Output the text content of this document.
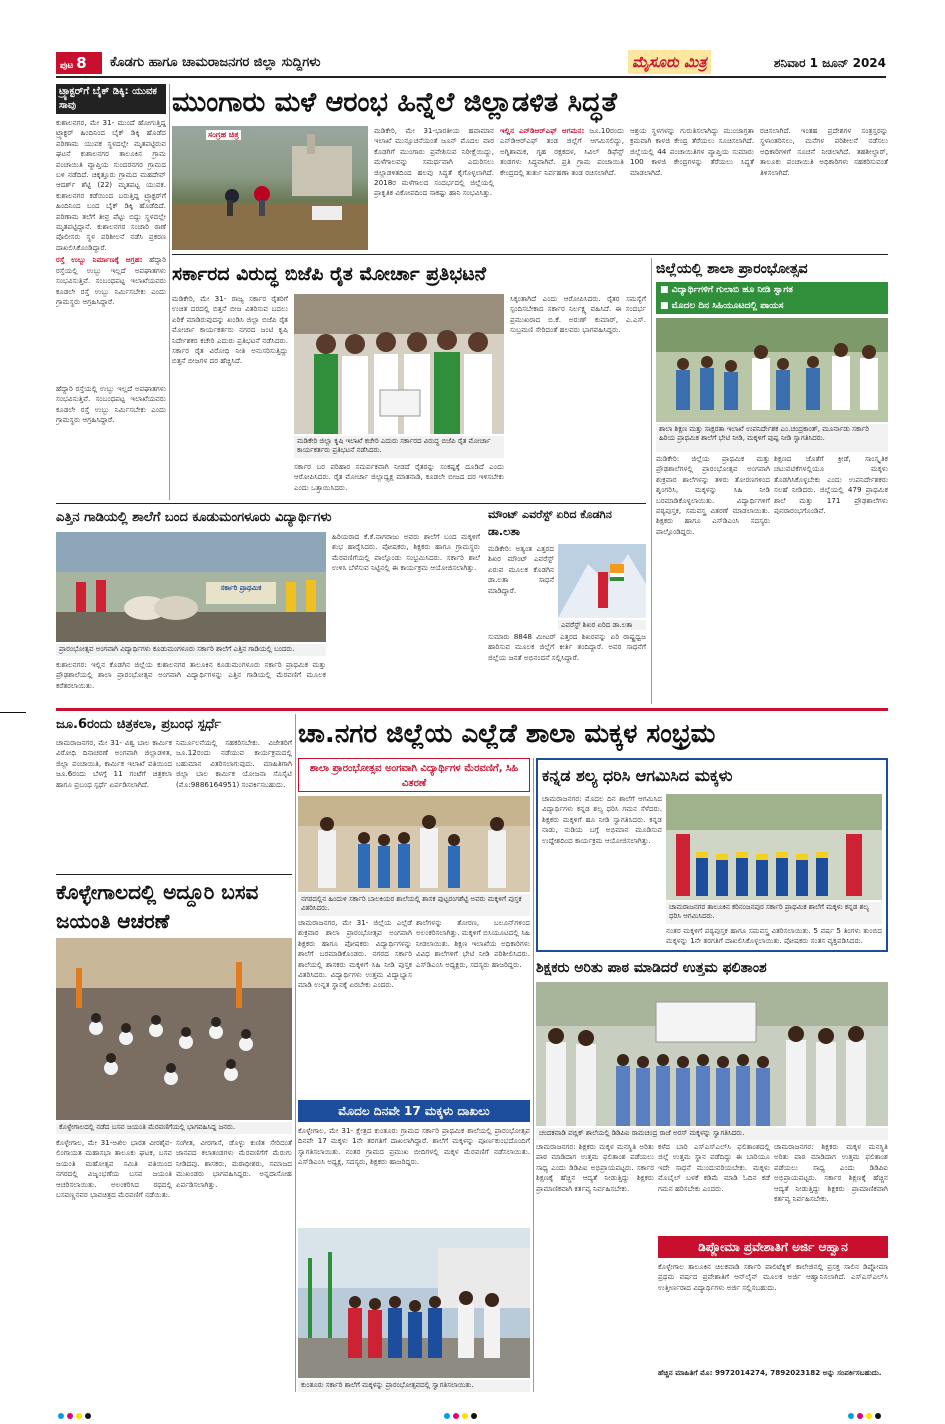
ಪುಟ 8	ಕೊಡಗು ಹಾಗೂ ಚಾಮರಾಜನಗರ ಜಿಲ್ಲಾ ಸುದ್ದಿಗಳು	ಮೈಸೂರು ಮಿತ್ರ	ಶನಿವಾರ 1 ಜೂನ್ 2024
ಟ್ರ್ಯಾಕ್ಟರ್‌ಗೆ ಬೈಕ್ ಡಿಕ್ಕಿ: ಯುವಕ ಸಾವು

ಕುಶಾಲನಗರ, ಮೇ 31- ಮುಂದೆ ಹೋಗುತ್ತಿದ್ದ ಟ್ರ್ಯಾಕ್ಟರ್ ಹಿಂದಿನಿಂದ ಬೈಕ್ ಡಿಕ್ಕಿ ಹೊಡೆದ ಪರಿಣಾಮ ಯುವಕ ಸ್ಥಳದಲ್ಲೇ ಮೃತಪಟ್ಟಿರುವ ಘಟನೆ ಕುಶಾಲನಗರ ತಾಲೂಕಿನ ಗ್ರಾಮ ಪಂಚಾಯಿತಿ ವ್ಯಾಪ್ತಿಯ ಸುಂದರನಗರ ಗ್ರಾಮದ ಬಳಿ ನಡೆದಿದೆ. ಚಿಕ್ಕತ್ತೂರು ಗ್ರಾಮದ ಮಹದೇವ್ ಆದರ್ಶ್ ಶೆಟ್ಟಿ (22) ಮೃತಪಟ್ಟ ಯುವಕ. ಕುಶಾಲನಗರ ಕಡೆಯಿಂದ ಬರುತ್ತಿದ್ದ ಟ್ರ್ಯಾಕ್ಟರ್‌ಗೆ ಹಿಂದಿನಿಂದ ಬಂದ ಬೈಕ್ ಡಿಕ್ಕಿ ಹೊಡೆದಿದೆ. ಪರಿಣಾಮ ತಲೆಗೆ ತೀವ್ರ ಪೆಟ್ಟು ಬಿದ್ದು ಸ್ಥಳದಲ್ಲೇ ಮೃತಪಟ್ಟಿದ್ದಾನೆ. ಕುಶಾಲನಗರ ಸಂಚಾರಿ ಠಾಣೆ ಪೊಲೀಸರು ಸ್ಥಳ ಪರಿಶೀಲನೆ ನಡೆಸಿ ಪ್ರಕರಣ ದಾಖಲಿಸಿಕೊಂಡಿದ್ದಾರೆ.

ರಸ್ತೆ ಉಬ್ಬು ನಿರ್ಮಾಣಕ್ಕೆ ಆಗ್ರಹ: ಹೆದ್ದಾರಿ ರಸ್ತೆಯಲ್ಲಿ ಉಬ್ಬು ಇಲ್ಲದೆ ಅಪಘಾತಗಳು ಸಂಭವಿಸುತ್ತಿವೆ. ಸಂಬಂಧಪಟ್ಟ ಇಲಾಖೆಯವರು ಕೂಡಲೇ ರಸ್ತೆ ಉಬ್ಬು ನಿರ್ಮಿಸಬೇಕು ಎಂದು ಗ್ರಾಮಸ್ಥರು ಆಗ್ರಹಿಸಿದ್ದಾರೆ.

ಮುಂಗಾರು ಮಳೆ ಆರಂಭ ಹಿನ್ನೆಲೆ ಜಿಲ್ಲಾಡಳಿತ ಸಿದ್ಧತೆ
ಸಂಗ್ರಹ ಚಿತ್ರ	ಮಡಿಕೇರಿ, ಮೇ 31-ಭಾರತೀಯ ಹವಾಮಾನ ಇಲಾಖೆ ಮುನ್ಸೂಚನೆಯಂತೆ ಜೂನ್ ಮೊದಲ ವಾರ ಕೊಡಗಿಗೆ ಮುಂಗಾರು ಪ್ರವೇಶಿಸುವ ನಿರೀಕ್ಷೆಯಿದ್ದು, ಮಳೆಗಾಲವನ್ನು ಸಮರ್ಥವಾಗಿ ಎದುರಿಸಲು ಜಿಲ್ಲಾಡಳಿತದಿಂದ ಹಲವು ಸಿದ್ಧತೆ ಕೈಗೊಳ್ಳಲಾಗಿದೆ. 2018ರ ಮಳೆಗಾಲದ ಸಂದರ್ಭದಲ್ಲಿ ಜಿಲ್ಲೆಯಲ್ಲಿ ಪ್ರಾಕೃತಿಕ ವಿಕೋಪದಿಂದ ಸಾಕಷ್ಟು ಹಾನಿ ಸಂಭವಿಸಿತ್ತು.
ಇಲ್ಲಿನ ಎನ್‌ಡಿಆರ್‌ಎಫ್ ಆಗಮನ: ಜೂ.10ರಂದು ಎನ್‌ಡಿಆರ್‌ಎಫ್ ತಂಡ ಜಿಲ್ಲೆಗೆ ಆಗಮಿಸಲಿದ್ದು, ಅಗ್ನಿಶಾಮಕ, ಗೃಹ ರಕ್ಷಕದಳ, ಸಿವಿಲ್ ಡಿಫೆನ್ಸ್ ತಂಡಗಳು ಸಿದ್ಧವಾಗಿವೆ. ಪ್ರತಿ ಗ್ರಾಮ ಪಂಚಾಯಿತಿ ಕೇಂದ್ರದಲ್ಲಿ ತುರ್ತು ನಿರ್ವಹಣಾ ತಂಡ ರಚಿಸಲಾಗಿದೆ.
ಆಶ್ರಯ ಸ್ಥಳಗಳನ್ನು ಗುರುತಿಸಲಾಗಿದ್ದು ಮುಂಜಾಗ್ರತಾ ಕ್ರಮವಾಗಿ ಕಾಳಜಿ ಕೇಂದ್ರ ತೆರೆಯಲು ಸೂಚಿಸಲಾಗಿದೆ. ಜಿಲ್ಲೆಯಲ್ಲಿ 44 ಪಂಚಾಯಿತಿಗಳ ವ್ಯಾಪ್ತಿಯ ಸುಮಾರು 100 ಕಾಳಜಿ ಕೇಂದ್ರಗಳನ್ನು ತೆರೆಯಲು ಸಿದ್ಧತೆ ಮಾಡಲಾಗಿದೆ.
ರಚಿಸಲಾಗಿದೆ. ಇಂತಹ ಪ್ರದೇಶಗಳ ಸಂತ್ರಸ್ತರನ್ನು ಸ್ಥಳಾಂತರಿಸಲು, ಮನೆಗಳ ಪರಿಶೀಲನೆ ನಡೆಸಲು ಅಧಿಕಾರಿಗಳಿಗೆ ಸೂಚನೆ ನೀಡಲಾಗಿದೆ. ತಹಶೀಲ್ದಾರ್, ತಾಲೂಕು ಪಂಚಾಯಿತಿ ಅಧಿಕಾರಿಗಳು ಸಹಕರಿಸುವಂತೆ ತಿಳಿಸಲಾಗಿದೆ.
ಸರ್ಕಾರದ ವಿರುದ್ಧ ಬಿಜೆಪಿ ರೈತ ಮೋರ್ಚಾ ಪ್ರತಿಭಟನೆ
ಮಡಿಕೇರಿ, ಮೇ 31- ರಾಜ್ಯ ಸರ್ಕಾರ ರೈತರಿಗೆ ಉಚಿತ ದರದಲ್ಲಿ ಬಿತ್ತನೆ ಬೀಜ ವಿತರಿಸುವ ಬದಲು ಏರಿಕೆ ಮಾಡಿರುವುದನ್ನು ಖಂಡಿಸಿ ಜಿಲ್ಲಾ ಬಿಜೆಪಿ ರೈತ ಮೋರ್ಚಾ ಕಾರ್ಯಕರ್ತರು ನಗರದ ಜಂಟಿ ಕೃಷಿ ನಿರ್ದೇಶಕರ ಕಚೇರಿ ಎದುರು ಪ್ರತಿಭಟನೆ ನಡೆಸಿದರು. ಸರ್ಕಾರ ರೈತ ವಿರೋಧಿ ನೀತಿ ಅನುಸರಿಸುತ್ತಿದ್ದು ಬಿತ್ತನೆ ಬೀಜಗಳ ದರ ಹೆಚ್ಚಿಸಿದೆ.
ಮಡಿಕೇರಿ ಜಿಲ್ಲಾ ಕೃಷಿ ಇಲಾಖೆ ಕಚೇರಿ ಎದುರು ಸರ್ಕಾರದ ವಿರುದ್ಧ ಬಿಜೆಪಿ ರೈತ ಮೋರ್ಚಾ ಕಾರ್ಯಕರ್ತರು ಪ್ರತಿಭಟನೆ ನಡೆಸಿದರು.
ಸರ್ಕಾರ ಬರ ಪರಿಹಾರ ಸಮರ್ಪಕವಾಗಿ ನೀಡದೆ ರೈತರನ್ನು ಸಂಕಷ್ಟಕ್ಕೆ ದೂಡಿದೆ ಎಂದು ಆರೋಪಿಸಿದರು. ರೈತ ಮೋರ್ಚಾ ಜಿಲ್ಲಾಧ್ಯಕ್ಷ ಮಾತನಾಡಿ, ಕೂಡಲೇ ಬೀಜದ ದರ ಇಳಿಸಬೇಕು ಎಂದು ಒತ್ತಾಯಿಸಿದರು.
ಸಿಕ್ಕಂತಾಗಿದೆ ಎಂದು ಆರೋಪಿಸಿದರು. ರೈತರ ಸಮಸ್ಯೆಗೆ ಸ್ಪಂದಿಸಬೇಕಾದ ಸರ್ಕಾರ ನಿರ್ಲಕ್ಷ್ಯ ವಹಿಸಿದೆ. ಈ ಸಂದರ್ಭ ಪ್ರಮುಖರಾದ ಬಿ.ಕೆ. ಅರುಣ್ ಕುಮಾರ್, ಎ.ಎಸ್. ಸುಬ್ರಮಣಿ ಸೇರಿದಂತೆ ಹಲವರು ಭಾಗವಹಿಸಿದ್ದರು.
ಜಿಲ್ಲೆಯಲ್ಲಿ ಶಾಲಾ ಪ್ರಾರಂಭೋತ್ಸವ
■ ವಿದ್ಯಾರ್ಥಿಗಳಿಗೆ ಗುಲಾಬಿ ಹೂ ನೀಡಿ ಸ್ವಾಗತ
■ ಮೊದಲ ದಿನ ಸಿಹಿಯೂಟದಲ್ಲಿ ಪಾಯಸ
ಶಾಲಾ ಶಿಕ್ಷಣ ಮತ್ತು ಸಾಕ್ಷರತಾ ಇಲಾಖೆ ಉಪನಿರ್ದೇಶಕ ಎಂ.ಚಂದ್ರಕಾಂತ್, ಮೂರ್ನಾಡು ಸರ್ಕಾರಿ ಹಿರಿಯ ಪ್ರಾಥಮಿಕ ಶಾಲೆಗೆ ಭೇಟಿ ನೀಡಿ, ಮಕ್ಕಳಿಗೆ ಪುಷ್ಪ ನೀಡಿ ಸ್ವಾಗತಿಸಿದರು.
ಮಡಿಕೇರಿ: ಜಿಲ್ಲೆಯ ಪ್ರಾಥಮಿಕ ಮತ್ತು ಪ್ರೌಢಶಾಲೆಗಳಲ್ಲಿ ಪ್ರಾರಂಭೋತ್ಸವ ಅಂಗವಾಗಿ ಶುಕ್ರವಾರ ಶಾಲೆಗಳನ್ನು ತಳಿರು ತೋರಣಗಳಿಂದ ಶೃಂಗರಿಸಿ, ಮಕ್ಕಳನ್ನು ಸಿಹಿ ನೀಡಿ ಬರಮಾಡಿಕೊಳ್ಳಲಾಯಿತು. ವಿದ್ಯಾರ್ಥಿಗಳಿಗೆ ಪಠ್ಯಪುಸ್ತಕ, ಸಮವಸ್ತ್ರ ವಿತರಣೆ ಮಾಡಲಾಯಿತು. ಶಿಕ್ಷಕರು ಹಾಗೂ ಎಸ್‌ಡಿಎಂಸಿ ಸದಸ್ಯರು ಪಾಲ್ಗೊಂಡಿದ್ದರು.
ಶಿಕ್ಷಣದ ಜೊತೆಗೆ ಕ್ರೀಡೆ, ಸಾಂಸ್ಕೃತಿಕ ಚಟುವಟಿಕೆಗಳಲ್ಲಿಯೂ ಮಕ್ಕಳು ತೊಡಗಿಸಿಕೊಳ್ಳಬೇಕು ಎಂದು ಉಪನಿರ್ದೇಶಕರು ಸಲಹೆ ನೀಡಿದರು. ಜಿಲ್ಲೆಯಲ್ಲಿ 479 ಪ್ರಾಥಮಿಕ ಶಾಲೆ ಮತ್ತು 171 ಪ್ರೌಢಶಾಲೆಗಳು ಪುನರಾರಂಭಗೊಂಡಿವೆ.
ಹೆದ್ದಾರಿ ರಸ್ತೆಯಲ್ಲಿ ಉಬ್ಬು ಇಲ್ಲದೆ ಅಪಘಾತಗಳು ಸಂಭವಿಸುತ್ತಿವೆ. ಸಂಬಂಧಪಟ್ಟ ಇಲಾಖೆಯವರು ಕೂಡಲೇ ರಸ್ತೆ ಉಬ್ಬು ನಿರ್ಮಿಸಬೇಕು ಎಂದು ಗ್ರಾಮಸ್ಥರು ಆಗ್ರಹಿಸಿದ್ದಾರೆ.
ಎತ್ತಿನ ಗಾಡಿಯಲ್ಲಿ ಶಾಲೆಗೆ ಬಂದ ಕೂಡುಮಂಗಳೂರು ವಿದ್ಯಾರ್ಥಿಗಳು
ಸರ್ಕಾರಿ ಪ್ರಾಥಮಿಕ
ಪ್ರಾರಂಭೋತ್ಸವ ಅಂಗವಾಗಿ ವಿದ್ಯಾರ್ಥಿಗಳು ಕೂಡುಮಂಗಳೂರು ಸರ್ಕಾರಿ ಶಾಲೆಗೆ ಎತ್ತಿನ ಗಾಡಿಯಲ್ಲಿ ಬಂದರು.
ಕುಶಾಲನಗರ: ಇಲ್ಲಿನ ಕೊಡಗಿನ ಜಿಲ್ಲೆಯ ಕುಶಾಲನಗರ ತಾಲೂಕಿನ ಕೂಡುಮಂಗಳೂರು ಸರ್ಕಾರಿ ಪ್ರಾಥಮಿಕ ಮತ್ತು ಪ್ರೌಢಶಾಲೆಯಲ್ಲಿ ಶಾಲಾ ಪ್ರಾರಂಭೋತ್ಸವ ಅಂಗವಾಗಿ ವಿದ್ಯಾರ್ಥಿಗಳನ್ನು ಎತ್ತಿನ ಗಾಡಿಯಲ್ಲಿ ಮೆರವಣಿಗೆ ಮೂಲಕ ಕರೆತರಲಾಯಿತು.
ಹಿರಿಯರಾದ ಕೆ.ಕೆ.ನಾಗರಾಜು ಅವರು ಶಾಲೆಗೆ ಬಂದ ಮಕ್ಕಳಿಗೆ ಶುಭ ಹಾರೈಸಿದರು. ಪೋಷಕರು, ಶಿಕ್ಷಕರು ಹಾಗೂ ಗ್ರಾಮಸ್ಥರು ಮೆರವಣಿಗೆಯಲ್ಲಿ ಪಾಲ್ಗೊಂಡು ಸಂಭ್ರಮಿಸಿದರು. ಸರ್ಕಾರಿ ಶಾಲೆ ಉಳಿಸಿ ಬೆಳೆಸುವ ನಿಟ್ಟಿನಲ್ಲಿ ಈ ಕಾರ್ಯಕ್ರಮ ಆಯೋಜಿಸಲಾಗಿತ್ತು.
ಮೌಂಟ್ ಎವರೆಸ್ಟ್ ಏರಿದ ಕೊಡಗಿನ ಡಾ.ಲತಾ
ಮಡಿಕೇರಿ: ಅತ್ಯಂತ ಎತ್ತರದ ಶಿಖರ ಮೌಂಟ್ ಎವರೆಸ್ಟ್ ಏರುವ ಮೂಲಕ ಕೊಡಗಿನ ಡಾ.ಲತಾ ಸಾಧನೆ ಮಾಡಿದ್ದಾರೆ.
ಎವರೆಸ್ಟ್ ಶಿಖರ ಏರಿದ ಡಾ.ಲತಾ
ಸುಮಾರು 8848 ಮೀಟರ್ ಎತ್ತರದ ಶಿಖರವನ್ನು ಏರಿ ರಾಷ್ಟ್ರಧ್ವಜ ಹಾರಿಸುವ ಮೂಲಕ ಜಿಲ್ಲೆಗೆ ಕೀರ್ತಿ ತಂದಿದ್ದಾರೆ. ಅವರ ಸಾಧನೆಗೆ ಜಿಲ್ಲೆಯ ಜನತೆ ಅಭಿನಂದನೆ ಸಲ್ಲಿಸಿದ್ದಾರೆ.
ಜೂ.6ರಂದು ಚಿತ್ರಕಲಾ, ಪ್ರಬಂಧ ಸ್ಪರ್ಧೆ
ಚಾಮರಾಜನಗರ, ಮೇ 31- ವಿಶ್ವ ಬಾಲ ಕಾರ್ಮಿಕ ವಿರೋಧಿ ದಿನಾಚರಣೆ ಅಂಗವಾಗಿ ಜಿಲ್ಲಾಡಳಿತ, ಜಿಲ್ಲಾ ಪಂಚಾಯಿತಿ, ಕಾರ್ಮಿಕ ಇಲಾಖೆ ವತಿಯಿಂದ ಜೂ.6ರಂದು ಬೆಳಗ್ಗೆ 11 ಗಂಟೆಗೆ ಚಿತ್ರಕಲಾ ಹಾಗೂ ಪ್ರಬಂಧ ಸ್ಪರ್ಧೆ ಏರ್ಪಡಿಸಲಾಗಿದೆ.
ನಿರ್ಮೂಲನೆಯಲ್ಲಿ ಸಹಕರಿಸಬೇಕು. ವಿಜೇತರಿಗೆ ಜೂ.12ರಂದು ನಡೆಯುವ ಕಾರ್ಯಕ್ರಮದಲ್ಲಿ ಬಹುಮಾನ ವಿತರಿಸಲಾಗುವುದು. ಮಾಹಿತಿಗಾಗಿ ಜಿಲ್ಲಾ ಬಾಲ ಕಾರ್ಮಿಕ ಯೋಜನಾ ಸೊಸೈಟಿ (ಮೊ:9886164951) ಸಂಪರ್ಕಿಸಬಹುದು.
ಕೊಳ್ಳೇಗಾಲದಲ್ಲಿ ಅದ್ದೂರಿ ಬಸವ ಜಯಂತಿ ಆಚರಣೆ
ಕೊಳ್ಳೇಗಾಲದಲ್ಲಿ ನಡೆದ ಬಸವ ಜಯಂತಿ ಮೆರವಣಿಗೆಯಲ್ಲಿ ಭಾಗವಹಿಸಿದ್ದ ಜನರು.
ಕೊಳ್ಳೇಗಾಲ, ಮೇ 31-ಅಖಿಲ ಭಾರತ ವೀರಶೈವ-ಲಿಂಗಾಯತ ಮಹಾಸಭಾ ತಾಲೂಕು ಘಟಕ, ಬಸವ ಜಯಂತಿ ಮಹೋತ್ಸವ ಸಮಿತಿ ವತಿಯಿಂದ ನಗರದಲ್ಲಿ ವಿಜೃಂಭಣೆಯ ಬಸವ ಜಯಂತಿ ಆಚರಿಸಲಾಯಿತು. ಅಲಂಕರಿಸಿದ ರಥದಲ್ಲಿ ಬಸವಣ್ಣನವರ ಭಾವಚಿತ್ರದ ಮೆರವಣಿಗೆ ನಡೆಯಿತು.
ಸಂಗೀತ, ವೀರಗಾಸೆ, ಡೊಳ್ಳು ಕುಣಿತ ಸೇರಿದಂತೆ ಜಾನಪದ ಕಲಾತಂಡಗಳು ಮೆರವಣಿಗೆಗೆ ಮೆರುಗು ನೀಡಿದವು. ಶಾಸಕರು, ಮಠಾಧೀಶರು, ಸಮಾಜದ ಮುಖಂಡರು ಭಾಗವಹಿಸಿದ್ದರು. ಅನ್ನದಾಸೋಹ ಏರ್ಪಡಿಸಲಾಗಿತ್ತು.
ಚಾ.ನಗರ ಜಿಲ್ಲೆಯ ಎಲ್ಲೆಡೆ ಶಾಲಾ ಮಕ್ಕಳ ಸಂಭ್ರಮ
ಶಾಲಾ ಪ್ರಾರಂಭೋತ್ಸವ ಅಂಗವಾಗಿ ವಿದ್ಯಾರ್ಥಿಗಳ ಮೆರವಣಿಗೆ, ಸಿಹಿ ವಿತರಣೆ
ನಗರದಲ್ಲಿನ ಹಿಂದುಳಿ ಸರ್ಕಾರಿ ಬಾಲಕಿಯರ ಶಾಲೆಯಲ್ಲಿ ಶಾಸಕ ಪುಟ್ಟರಂಗಶೆಟ್ಟಿ ಅವರು ಮಕ್ಕಳಿಗೆ ಪುಸ್ತಕ ವಿತರಿಸಿದರು.
ಚಾಮರಾಜನಗರ, ಮೇ 31- ಜಿಲ್ಲೆಯ ಎಲ್ಲೆಡೆ ಶುಕ್ರವಾರ ಶಾಲಾ ಪ್ರಾರಂಭೋತ್ಸವ ಅಂಗವಾಗಿ ಶಿಕ್ಷಕರು ಹಾಗೂ ಪೋಷಕರು ವಿದ್ಯಾರ್ಥಿಗಳನ್ನು ಶಾಲೆಗೆ ಬರಮಾಡಿಕೊಂಡರು. ನಗರದ ಸರ್ಕಾರಿ ಶಾಲೆಯಲ್ಲಿ ಶಾಸಕರು ಮಕ್ಕಳಿಗೆ ಸಿಹಿ ನೀಡಿ ಪುಸ್ತಕ ವಿತರಿಸಿದರು. ವಿದ್ಯಾರ್ಥಿಗಳು ಉತ್ತಮ ವಿದ್ಯಾಭ್ಯಾಸ ಮಾಡಿ ಉನ್ನತ ಸ್ಥಾನಕ್ಕೆ ಏರಬೇಕು ಎಂದರು.
ಶಾಲೆಗಳನ್ನು ತೋರಣ, ಬಲೂನ್‌ಗಳಿಂದ ಅಲಂಕರಿಸಲಾಗಿತ್ತು. ಮಕ್ಕಳಿಗೆ ಬಿಸಿಯೂಟದಲ್ಲಿ ಸಿಹಿ ನೀಡಲಾಯಿತು. ಶಿಕ್ಷಣ ಇಲಾಖೆಯ ಅಧಿಕಾರಿಗಳು ವಿವಿಧ ಶಾಲೆಗಳಿಗೆ ಭೇಟಿ ನೀಡಿ ಪರಿಶೀಲಿಸಿದರು. ಎಸ್‌ಡಿಎಂಸಿ ಅಧ್ಯಕ್ಷರು, ಸದಸ್ಯರು ಹಾಜರಿದ್ದರು.
ಕನ್ನಡ ಶಲ್ಯ ಧರಿಸಿ ಆಗಮಿಸಿದ ಮಕ್ಕಳು
ಚಾಮರಾಜನಗರ: ಮೊದಲ ದಿನ ಶಾಲೆಗೆ ಆಗಮಿಸಿದ ವಿದ್ಯಾರ್ಥಿಗಳು ಕನ್ನಡ ಶಲ್ಯ ಧರಿಸಿ ಗಮನ ಸೆಳೆದರು. ಶಿಕ್ಷಕರು ಮಕ್ಕಳಿಗೆ ಹೂ ನೀಡಿ ಸ್ವಾಗತಿಸಿದರು. ಕನ್ನಡ ನಾಡು, ನುಡಿಯ ಬಗ್ಗೆ ಅಭಿಮಾನ ಮೂಡಿಸುವ ಉದ್ದೇಶದಿಂದ ಕಾರ್ಯಕ್ರಮ ಆಯೋಜಿಸಲಾಗಿತ್ತು.
ಚಾಮರಾಜನಗರ ತಾಲೂಕಿನ ಕರಿನಂಜನಪುರ ಸರ್ಕಾರಿ ಪ್ರಾಥಮಿಕ ಶಾಲೆಗೆ ಮಕ್ಕಳು ಕನ್ನಡ ಶಲ್ಯ ಧರಿಸಿ ಆಗಮಿಸಿದರು.
ನಂತರ ಮಕ್ಕಳಿಗೆ ಪಠ್ಯಪುಸ್ತಕ ಹಾಗೂ ಸಮವಸ್ತ್ರ ವಿತರಿಸಲಾಯಿತು. 5 ವರ್ಷ 5 ತಿಂಗಳು ತುಂಬಿದ ಮಕ್ಕಳನ್ನು 1ನೇ ತರಗತಿಗೆ ದಾಖಲಿಸಿಕೊಳ್ಳಲಾಯಿತು. ಪೋಷಕರು ಸಂತಸ ವ್ಯಕ್ತಪಡಿಸಿದರು.
ಶಿಕ್ಷಕರು ಅರಿತು ಪಾಠ ಮಾಡಿದರೆ ಉತ್ತಮ ಫಲಿತಾಂಶ
ಚಂದಕವಾಡಿ ಪಬ್ಲಿಕ್ ಶಾಲೆಯಲ್ಲಿ ಡಿಡಿಪಿಐ ರಾಮಚಂದ್ರ ರಾಜೆ ಅರಸ್ ಮಕ್ಕಳನ್ನು ಸ್ವಾಗತಿಸಿದರು.
ಚಾಮರಾಜನಗರ: ಶಿಕ್ಷಕರು ಮಕ್ಕಳ ಮನಸ್ಥಿತಿ ಅರಿತು ಪಾಠ ಮಾಡಿದಾಗ ಉತ್ತಮ ಫಲಿತಾಂಶ ಪಡೆಯಲು ಸಾಧ್ಯ ಎಂದು ಡಿಡಿಪಿಐ ಅಭಿಪ್ರಾಯಪಟ್ಟರು. ಸರ್ಕಾರ ಶಿಕ್ಷಣಕ್ಕೆ ಹೆಚ್ಚಿನ ಆದ್ಯತೆ ನೀಡುತ್ತಿದ್ದು ಶಿಕ್ಷಕರು ಪ್ರಾಮಾಣಿಕವಾಗಿ ಕರ್ತವ್ಯ ನಿರ್ವಹಿಸಬೇಕು.
ಕಳೆದ ಬಾರಿ ಎಸ್‌ಎಸ್‌ಎಲ್‌ಸಿ ಫಲಿತಾಂಶದಲ್ಲಿ ಜಿಲ್ಲೆ ಉತ್ತಮ ಸ್ಥಾನ ಪಡೆದಿದ್ದು ಈ ಬಾರಿಯೂ ಇದೇ ಸಾಧನೆ ಮುಂದುವರಿಯಬೇಕು. ಮಕ್ಕಳು ಮೊಬೈಲ್ ಬಳಕೆ ಕಡಿಮೆ ಮಾಡಿ ಓದಿನ ಕಡೆ ಗಮನ ಹರಿಸಬೇಕು ಎಂದರು.
ಚಾಮರಾಜನಗರ: ಶಿಕ್ಷಕರು ಮಕ್ಕಳ ಮನಸ್ಥಿತಿ ಅರಿತು ಪಾಠ ಮಾಡಿದಾಗ ಉತ್ತಮ ಫಲಿತಾಂಶ ಪಡೆಯಲು ಸಾಧ್ಯ ಎಂದು ಡಿಡಿಪಿಐ ಅಭಿಪ್ರಾಯಪಟ್ಟರು. ಸರ್ಕಾರ ಶಿಕ್ಷಣಕ್ಕೆ ಹೆಚ್ಚಿನ ಆದ್ಯತೆ ನೀಡುತ್ತಿದ್ದು ಶಿಕ್ಷಕರು ಪ್ರಾಮಾಣಿಕವಾಗಿ ಕರ್ತವ್ಯ ನಿರ್ವಹಿಸಬೇಕು.
ಡಿಪ್ಲೋಮಾ ಪ್ರವೇಶಾತಿಗೆ ಅರ್ಜಿ ಆಹ್ವಾನ
ಕೊಳ್ಳೇಗಾಲ ತಾಲೂಕಿನ ಚಿಲಕವಾಡಿ ಸರ್ಕಾರಿ ಪಾಲಿಟೆಕ್ನಿಕ್ ಕಾಲೇಜಿನಲ್ಲಿ ಪ್ರಸಕ್ತ ಸಾಲಿನ ಡಿಪ್ಲೋಮಾ ಪ್ರಥಮ ವರ್ಷದ ಪ್ರವೇಶಾತಿಗೆ ಆನ್‌ಲೈನ್ ಮೂಲಕ ಅರ್ಜಿ ಆಹ್ವಾನಿಸಲಾಗಿದೆ. ಎಸ್‌ಎಸ್‌ಎಲ್‌ಸಿ ಉತ್ತೀರ್ಣರಾದ ವಿದ್ಯಾರ್ಥಿಗಳು ಅರ್ಜಿ ಸಲ್ಲಿಸಬಹುದು.
ಹೆಚ್ಚಿನ ಮಾಹಿತಿಗೆ ಮೊ: 9972014274, 7892023182 ಅನ್ನು ಸಂಪರ್ಕಿಸಬಹುದು.
ಮೊದಲ ದಿನವೇ 17 ಮಕ್ಕಳು ದಾಖಲು
ಕೊಳ್ಳೇಗಾಲ, ಮೇ 31- ಕ್ಷೇತ್ರದ ಕುಂತೂರು ಗ್ರಾಮದ ಸರ್ಕಾರಿ ಪ್ರಾಥಮಿಕ ಶಾಲೆಯಲ್ಲಿ ಪ್ರಾರಂಭೋತ್ಸವ ದಿನವೇ 17 ಮಕ್ಕಳು 1ನೇ ತರಗತಿಗೆ ದಾಖಲಾಗಿದ್ದಾರೆ. ಶಾಲೆಗೆ ಮಕ್ಕಳನ್ನು ಪೂರ್ಣಕುಂಭದೊಂದಿಗೆ ಸ್ವಾಗತಿಸಲಾಯಿತು. ನಂತರ ಗ್ರಾಮದ ಪ್ರಮುಖ ಬೀದಿಗಳಲ್ಲಿ ಮಕ್ಕಳ ಮೆರವಣಿಗೆ ನಡೆಸಲಾಯಿತು. ಎಸ್‌ಡಿಎಂಸಿ ಅಧ್ಯಕ್ಷ, ಸದಸ್ಯರು, ಶಿಕ್ಷಕರು ಹಾಜರಿದ್ದರು.
ಕುಂತೂರು ಸರ್ಕಾರಿ ಶಾಲೆಗೆ ಮಕ್ಕಳನ್ನು ಪ್ರಾರಂಭೋತ್ಸವದಲ್ಲಿ ಸ್ವಾಗತಿಸಲಾಯಿತು.
